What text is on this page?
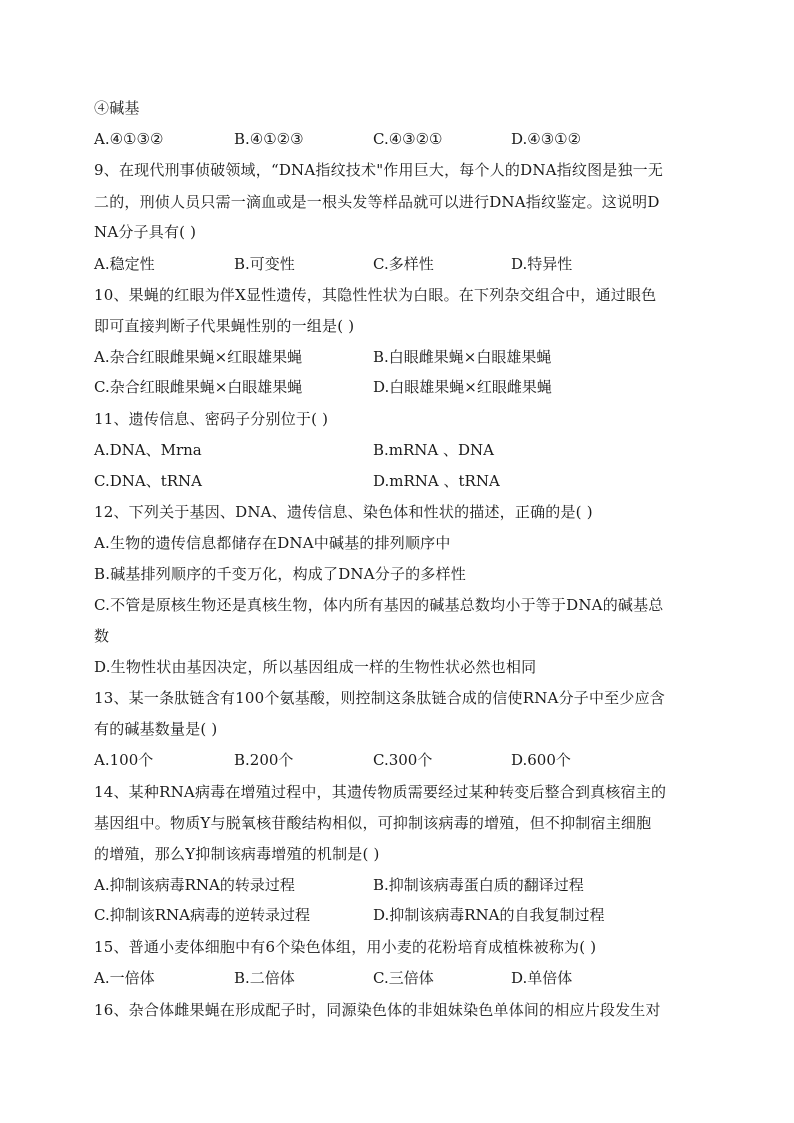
④碱基
A.④①③②	B.④①②③	C.④③②①	D.④③①②
9、在现代刑事侦破领域，“DNA指纹技术"作用巨大，每个人的DNA指纹图是独一无
二的，刑侦人员只需一滴血或是一根头发等样品就可以进行DNA指纹鉴定。这说明D
NA分子具有( )
A.稳定性	B.可变性	C.多样性	D.特异性
10、果蝇的红眼为伴X显性遗传，其隐性性状为白眼。在下列杂交组合中，通过眼色
即可直接判断子代果蝇性别的一组是( )
A.杂合红眼雌果蝇×红眼雄果蝇	B.白眼雌果蝇×白眼雄果蝇
C.杂合红眼雌果蝇×白眼雄果蝇	D.白眼雄果蝇×红眼雌果蝇
11、遗传信息、密码子分别位于( )
A.DNA、Mrna	B.mRNA 、DNA
C.DNA、tRNA	D.mRNA 、tRNA
12、下列关于基因、DNA、遗传信息、染色体和性状的描述，正确的是( )
A.生物的遗传信息都储存在DNA中碱基的排列顺序中
B.碱基排列顺序的千变万化，构成了DNA分子的多样性
C.不管是原核生物还是真核生物，体内所有基因的碱基总数均小于等于DNA的碱基总
数
D.生物性状由基因决定，所以基因组成一样的生物性状必然也相同
13、某一条肽链含有100个氨基酸，则控制这条肽链合成的信使RNA分子中至少应含
有的碱基数量是( )
A.100个	B.200个	C.300个	D.600个
14、某种RNA病毒在增殖过程中，其遗传物质需要经过某种转变后整合到真核宿主的
基因组中。物质Y与脱氧核苷酸结构相似，可抑制该病毒的增殖，但不抑制宿主细胞
的增殖，那么Y抑制该病毒增殖的机制是( )
A.抑制该病毒RNA的转录过程	B.抑制该病毒蛋白质的翻译过程
C.抑制该RNA病毒的逆转录过程	D.抑制该病毒RNA的自我复制过程
15、普通小麦体细胞中有6个染色体组，用小麦的花粉培育成植株被称为( )
A.一倍体	B.二倍体	C.三倍体	D.单倍体
16、杂合体雌果蝇在形成配子时，同源染色体的非姐妹染色单体间的相应片段发生对
